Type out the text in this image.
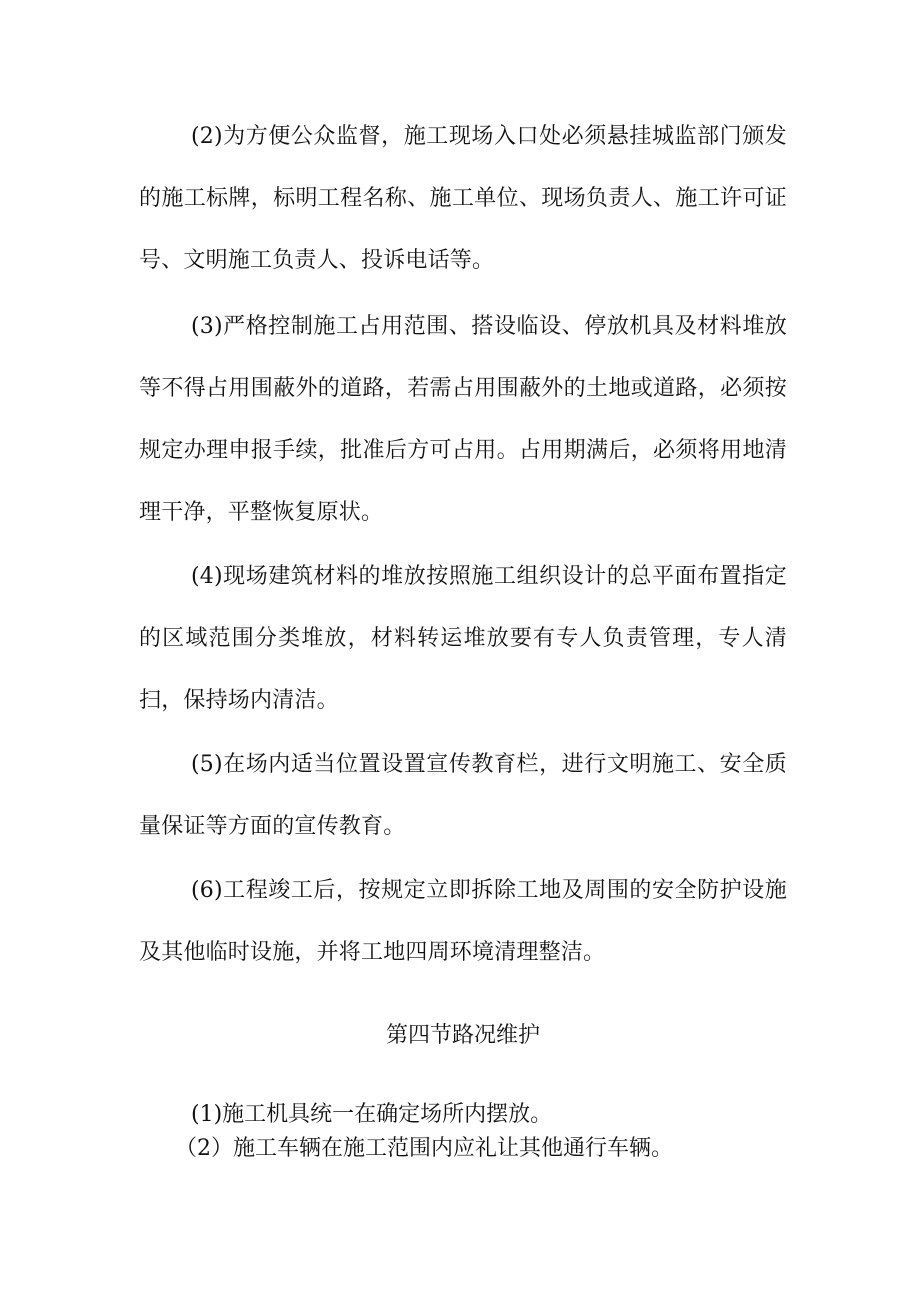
(2)为方便公众监督，施工现场入口处必须悬挂城监部门颁发的施工标牌，标明工程名称、施工单位、现场负责人、施工许可证号、文明施工负责人、投诉电话等。

(3)严格控制施工占用范围、搭设临设、停放机具及材料堆放等不得占用围蔽外的道路，若需占用围蔽外的土地或道路，必须按规定办理申报手续，批准后方可占用。占用期满后，必须将用地清理干净，平整恢复原状。

(4)现场建筑材料的堆放按照施工组织设计的总平面布置指定的区域范围分类堆放，材料转运堆放要有专人负责管理，专人清扫，保持场内清洁。

(5)在场内适当位置设置宣传教育栏，进行文明施工、安全质量保证等方面的宣传教育。

(6)工程竣工后，按规定立即拆除工地及周围的安全防护设施及其他临时设施，并将工地四周环境清理整洁。

第四节路况维护

(1)施工机具统一在确定场所内摆放。

（2）施工车辆在施工范围内应礼让其他通行车辆。
